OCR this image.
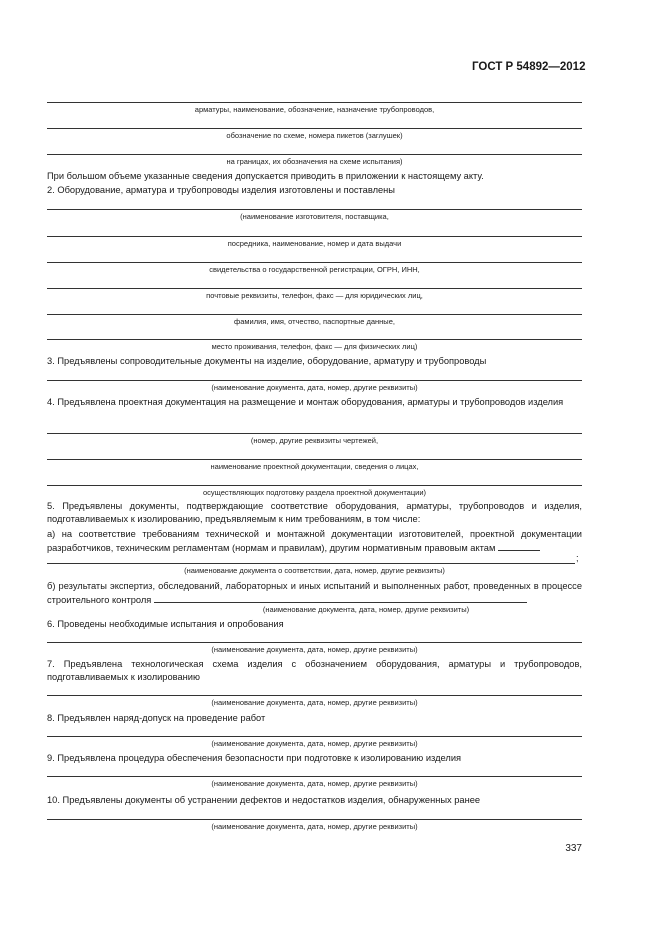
ГОСТ Р 54892—2012
арматуры, наименование, обозначение, назначение трубопроводов,
обозначение по схеме, номера пикетов (заглушек)
на границах, их обозначения на схеме испытания)
При большом объеме указанные сведения допускается приводить в приложении к настоящему акту.
2. Оборудование, арматура и трубопроводы изделия изготовлены и поставлены
(наименование изготовителя, поставщика,
посредника, наименование, номер и дата выдачи
свидетельства о государственной регистрации, ОГРН, ИНН,
почтовые реквизиты, телефон, факс — для юридических лиц,
фамилия, имя, отчество, паспортные данные,
место проживания, телефон, факс — для физических лиц)
3. Предъявлены сопроводительные документы на изделие, оборудование, арматуру и трубопроводы
(наименование документа, дата, номер, другие реквизиты)
4. Предъявлена проектная документация на размещение и монтаж оборудования, арматуры и трубопроводов изделия
(номер, другие реквизиты чертежей,
наименование проектной документации, сведения о лицах,
осуществляющих подготовку раздела проектной документации)
5. Предъявлены документы, подтверждающие соответствие оборудования, арматуры, трубопроводов и изделия, подготавливаемых к изолированию, предъявляемым к ним требованиям, в том числе:
а) на соответствие требованиям технической и монтажной документации изготовителей, проектной документации разработчиков, техническим регламентам (нормам и правилам), другим нормативным правовым актам
;
(наименование документа о соответствии, дата, номер, другие реквизиты)
б) результаты экспертиз, обследований, лабораторных и иных испытаний и выполненных работ, проведенных в процессе строительного контроля
(наименование документа, дата, номер, другие реквизиты)
6. Проведены необходимые испытания и опробования
(наименование документа, дата, номер, другие реквизиты)
7. Предъявлена технологическая схема изделия с обозначением оборудования, арматуры и трубопроводов, подготавливаемых к изолированию
(наименование документа, дата, номер, другие реквизиты)
8. Предъявлен наряд-допуск на проведение работ
(наименование документа, дата, номер, другие реквизиты)
9. Предъявлена процедура обеспечения безопасности при подготовке к изолированию изделия
(наименование документа, дата, номер, другие реквизиты)
10. Предъявлены документы об устранении дефектов и недостатков изделия, обнаруженных ранее
(наименование документа, дата, номер, другие реквизиты)
337
